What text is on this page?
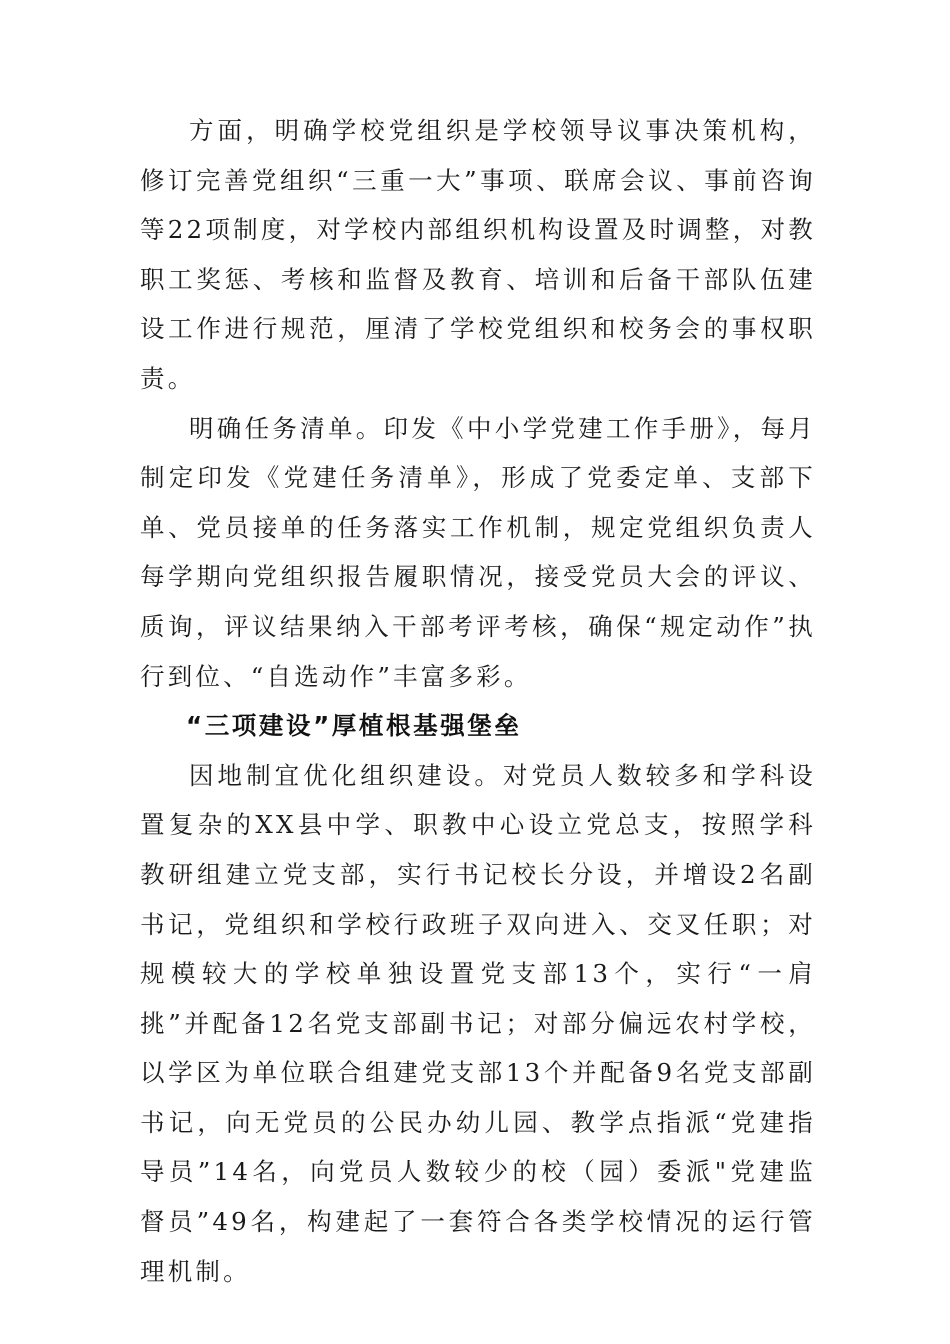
方面，明确学校党组织是学校领导议事决策机构，修订完善党组织“三重一大”事项、联席会议、事前咨询等22项制度，对学校内部组织机构设置及时调整，对教职工奖惩、考核和监督及教育、培训和后备干部队伍建设工作进行规范，厘清了学校党组织和校务会的事权职责。

明确任务清单。印发《中小学党建工作手册》，每月制定印发《党建任务清单》，形成了党委定单、支部下单、党员接单的任务落实工作机制，规定党组织负责人每学期向党组织报告履职情况，接受党员大会的评议、质询，评议结果纳入干部考评考核，确保“规定动作”执行到位、“自选动作”丰富多彩。

“三项建设”厚植根基强堡垒

因地制宜优化组织建设。对党员人数较多和学科设置复杂的XX县中学、职教中心设立党总支，按照学科教研组建立党支部，实行书记校长分设，并增设2名副书记，党组织和学校行政班子双向进入、交叉任职；对规模较大的学校单独设置党支部13个，实行“一肩挑”并配备12名党支部副书记；对部分偏远农村学校，以学区为单位联合组建党支部13个并配备9名党支部副书记，向无党员的公民办幼儿园、教学点指派“党建指导员”14名，向党员人数较少的校（园）委派"党建监督员”49名，构建起了一套符合各类学校情况的运行管理机制。
